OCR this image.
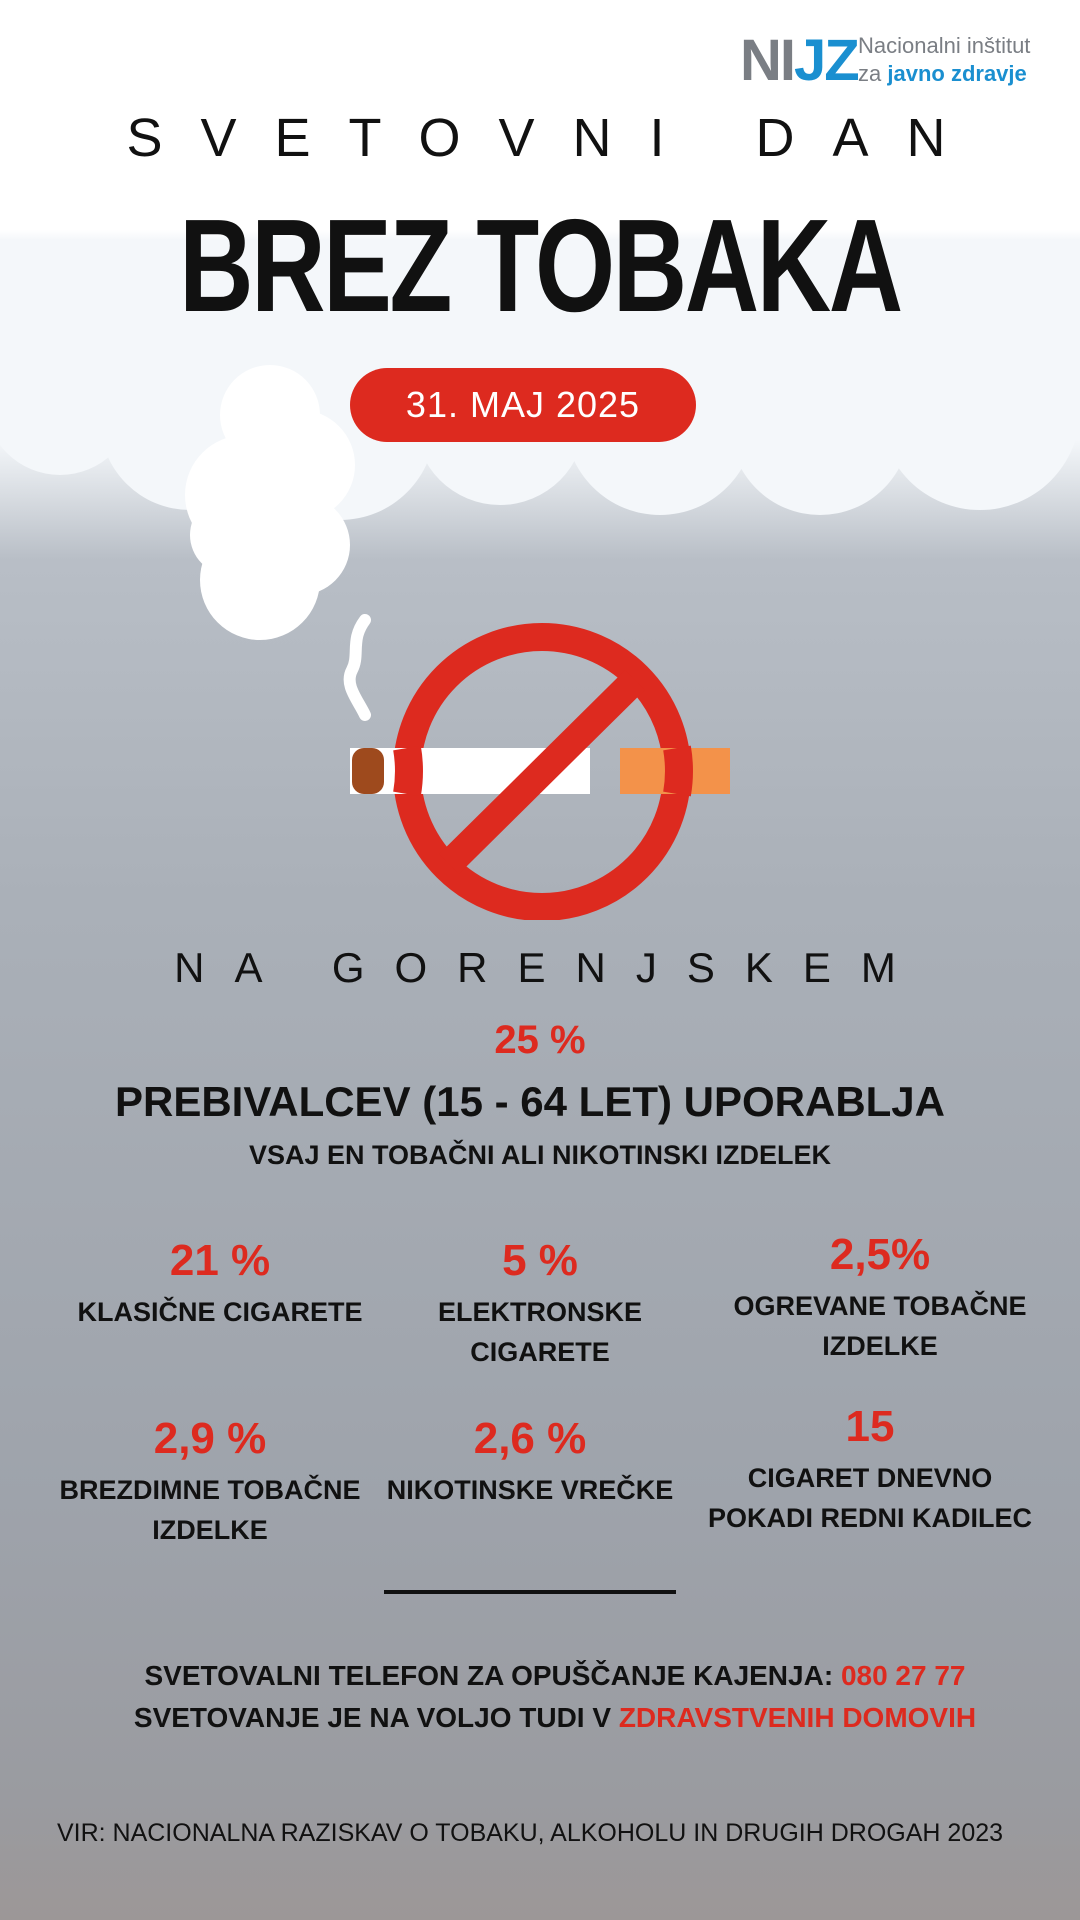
NIJZ Nacionalni inštitut
za javno zdravje
SVETOVNI DAN
BREZ TOBAKA
31. MAJ 2025
NA GORENJSKEM
25 %
PREBIVALCEV (15 - 64 LET) UPORABLJA
VSAJ EN TOBAČNI ALI NIKOTINSKI IZDELEK
21 %
KLASIČNE CIGARETE
5 %
ELEKTRONSKE
CIGARETE
2,5%
OGREVANE TOBAČNE
IZDELKE
2,9 %
BREZDIMNE TOBAČNE
IZDELKE
2,6 %
NIKOTINSKE VREČKE
15
CIGARET DNEVNO
POKADI REDNI KADILEC
SVETOVALNI TELEFON ZA OPUŠČANJE KAJENJA: 080 27 77
SVETOVANJE JE NA VOLJO TUDI V ZDRAVSTVENIH DOMOVIH
VIR: NACIONALNA RAZISKAV O TOBAKU, ALKOHOLU IN DRUGIH DROGAH 2023
